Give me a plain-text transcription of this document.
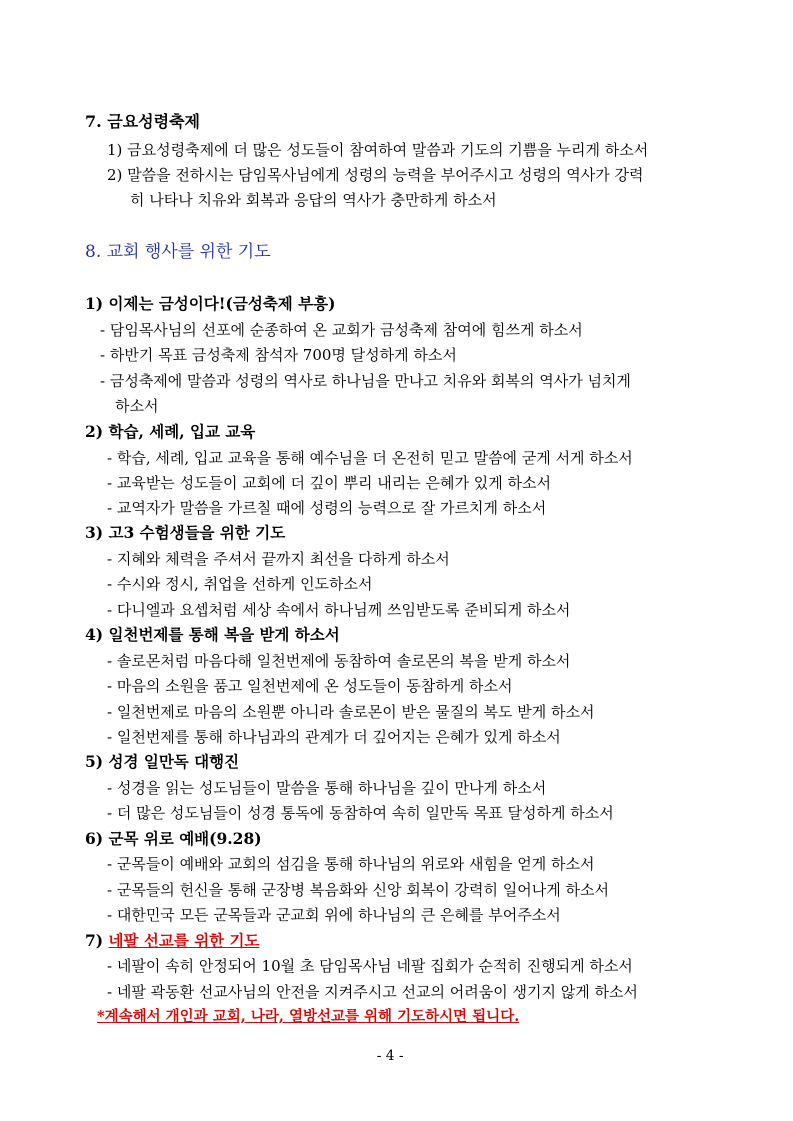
7. 금요성령축제
1) 금요성령축제에 더 많은 성도들이 참여하여 말씀과 기도의 기쁨을 누리게 하소서
2) 말씀을 전하시는 담임목사님에게 성령의 능력을 부어주시고 성령의 역사가 강력
히 나타나 치유와 회복과 응답의 역사가 충만하게 하소서
8. 교회 행사를 위한 기도
1) 이제는 금성이다!(금성축제 부흥)
- 담임목사님의 선포에 순종하여 온 교회가 금성축제 참여에 힘쓰게 하소서
- 하반기 목표 금성축제 참석자 700명 달성하게 하소서
- 금성축제에 말씀과 성령의 역사로 하나님을 만나고 치유와 회복의 역사가 넘치게
하소서
2) 학습, 세례, 입교 교육
- 학습, 세례, 입교 교육을 통해 예수님을 더 온전히 믿고 말씀에 굳게 서게 하소서
- 교육받는 성도들이 교회에 더 깊이 뿌리 내리는 은혜가 있게 하소서
- 교역자가 말씀을 가르칠 때에 성령의 능력으로 잘 가르치게 하소서
3) 고3 수험생들을 위한 기도
- 지혜와 체력을 주셔서 끝까지 최선을 다하게 하소서
- 수시와 정시, 취업을 선하게 인도하소서
- 다니엘과 요셉처럼 세상 속에서 하나님께 쓰임받도록 준비되게 하소서
4) 일천번제를 통해 복을 받게 하소서
- 솔로몬처럼 마음다해 일천번제에 동참하여 솔로몬의 복을 받게 하소서
- 마음의 소원을 품고 일천번제에 온 성도들이 동참하게 하소서
- 일천번제로 마음의 소원뿐 아니라 솔로몬이 받은 물질의 복도 받게 하소서
- 일천번제를 통해 하나님과의 관계가 더 깊어지는 은혜가 있게 하소서
5) 성경 일만독 대행진
- 성경을 읽는 성도님들이 말씀을 통해 하나님을 깊이 만나게 하소서
- 더 많은 성도님들이 성경 통독에 동참하여 속히 일만독 목표 달성하게 하소서
6) 군목 위로 예배(9.28)
- 군목들이 예배와 교회의 섬김을 통해 하나님의 위로와 새힘을 얻게 하소서
- 군목들의 헌신을 통해 군장병 복음화와 신앙 회복이 강력히 일어나게 하소서
- 대한민국 모든 군목들과 군교회 위에 하나님의 큰 은혜를 부어주소서
7) 네팔 선교를 위한 기도
- 네팔이 속히 안정되어 10월 초 담임목사님 네팔 집회가 순적히 진행되게 하소서
- 네팔 곽동환 선교사님의 안전을 지켜주시고 선교의 어려움이 생기지 않게 하소서
*계속해서 개인과 교회, 나라, 열방선교를 위해 기도하시면 됩니다.
- 4 -
